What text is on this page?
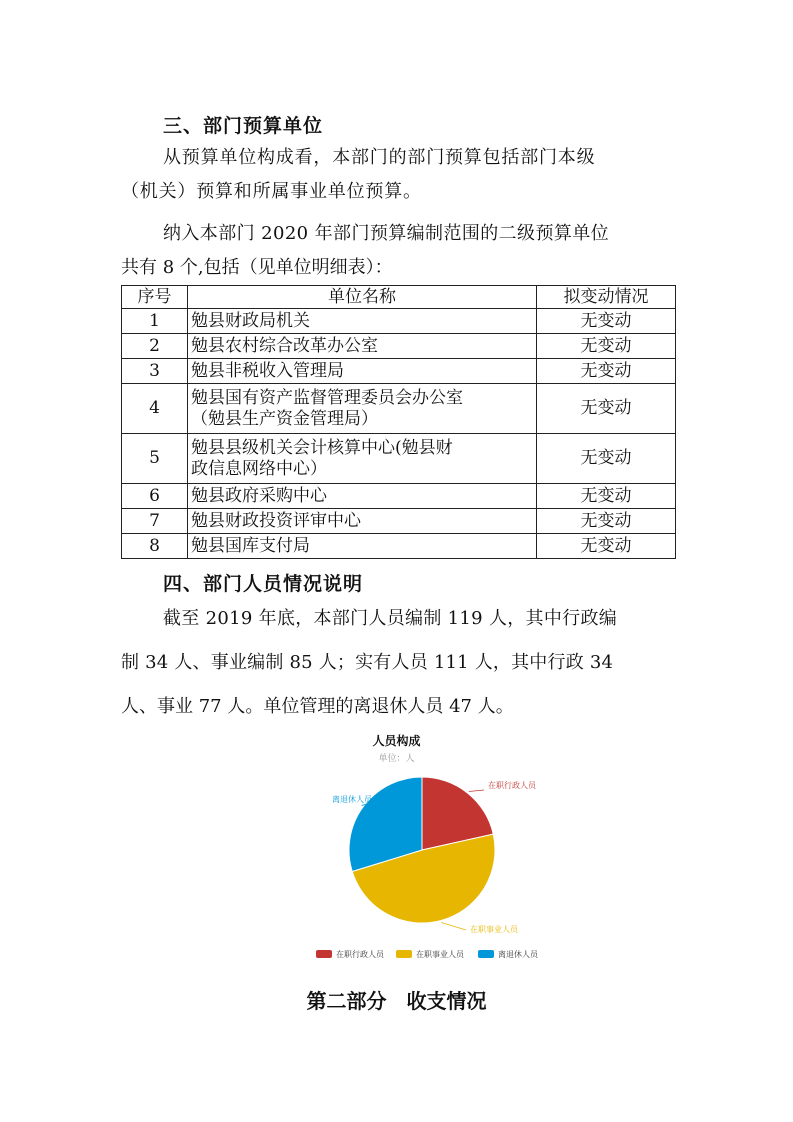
三、部门预算单位
从预算单位构成看，本部门的部门预算包括部门本级
（机关）预算和所属事业单位预算。
纳入本部门 2020 年部门预算编制范围的二级预算单位
共有 8 个,包括（见单位明细表）：
序号	单位名称	拟变动情况
1	勉县财政局机关	无变动
2	勉县农村综合改革办公室	无变动
3	勉县非税收入管理局	无变动
4	勉县国有资产监督管理委员会办公室
（勉县生产资金管理局）	无变动
5	勉县县级机关会计核算中心(勉县财
政信息网络中心）	无变动
6	勉县政府采购中心	无变动
7	勉县财政投资评审中心	无变动
8	勉县国库支付局	无变动
四、部门人员情况说明
截至 2019 年底，本部门人员编制 119 人，其中行政编
制 34 人、事业编制 85 人；实有人员 111 人，其中行政 34
人、事业 77 人。单位管理的离退休人员 47 人。
人员构成
单位：人
在职行政人员
在职事业人员
离退休人员
在职行政人员	在职事业人员	离退休人员
第二部分　收支情况
